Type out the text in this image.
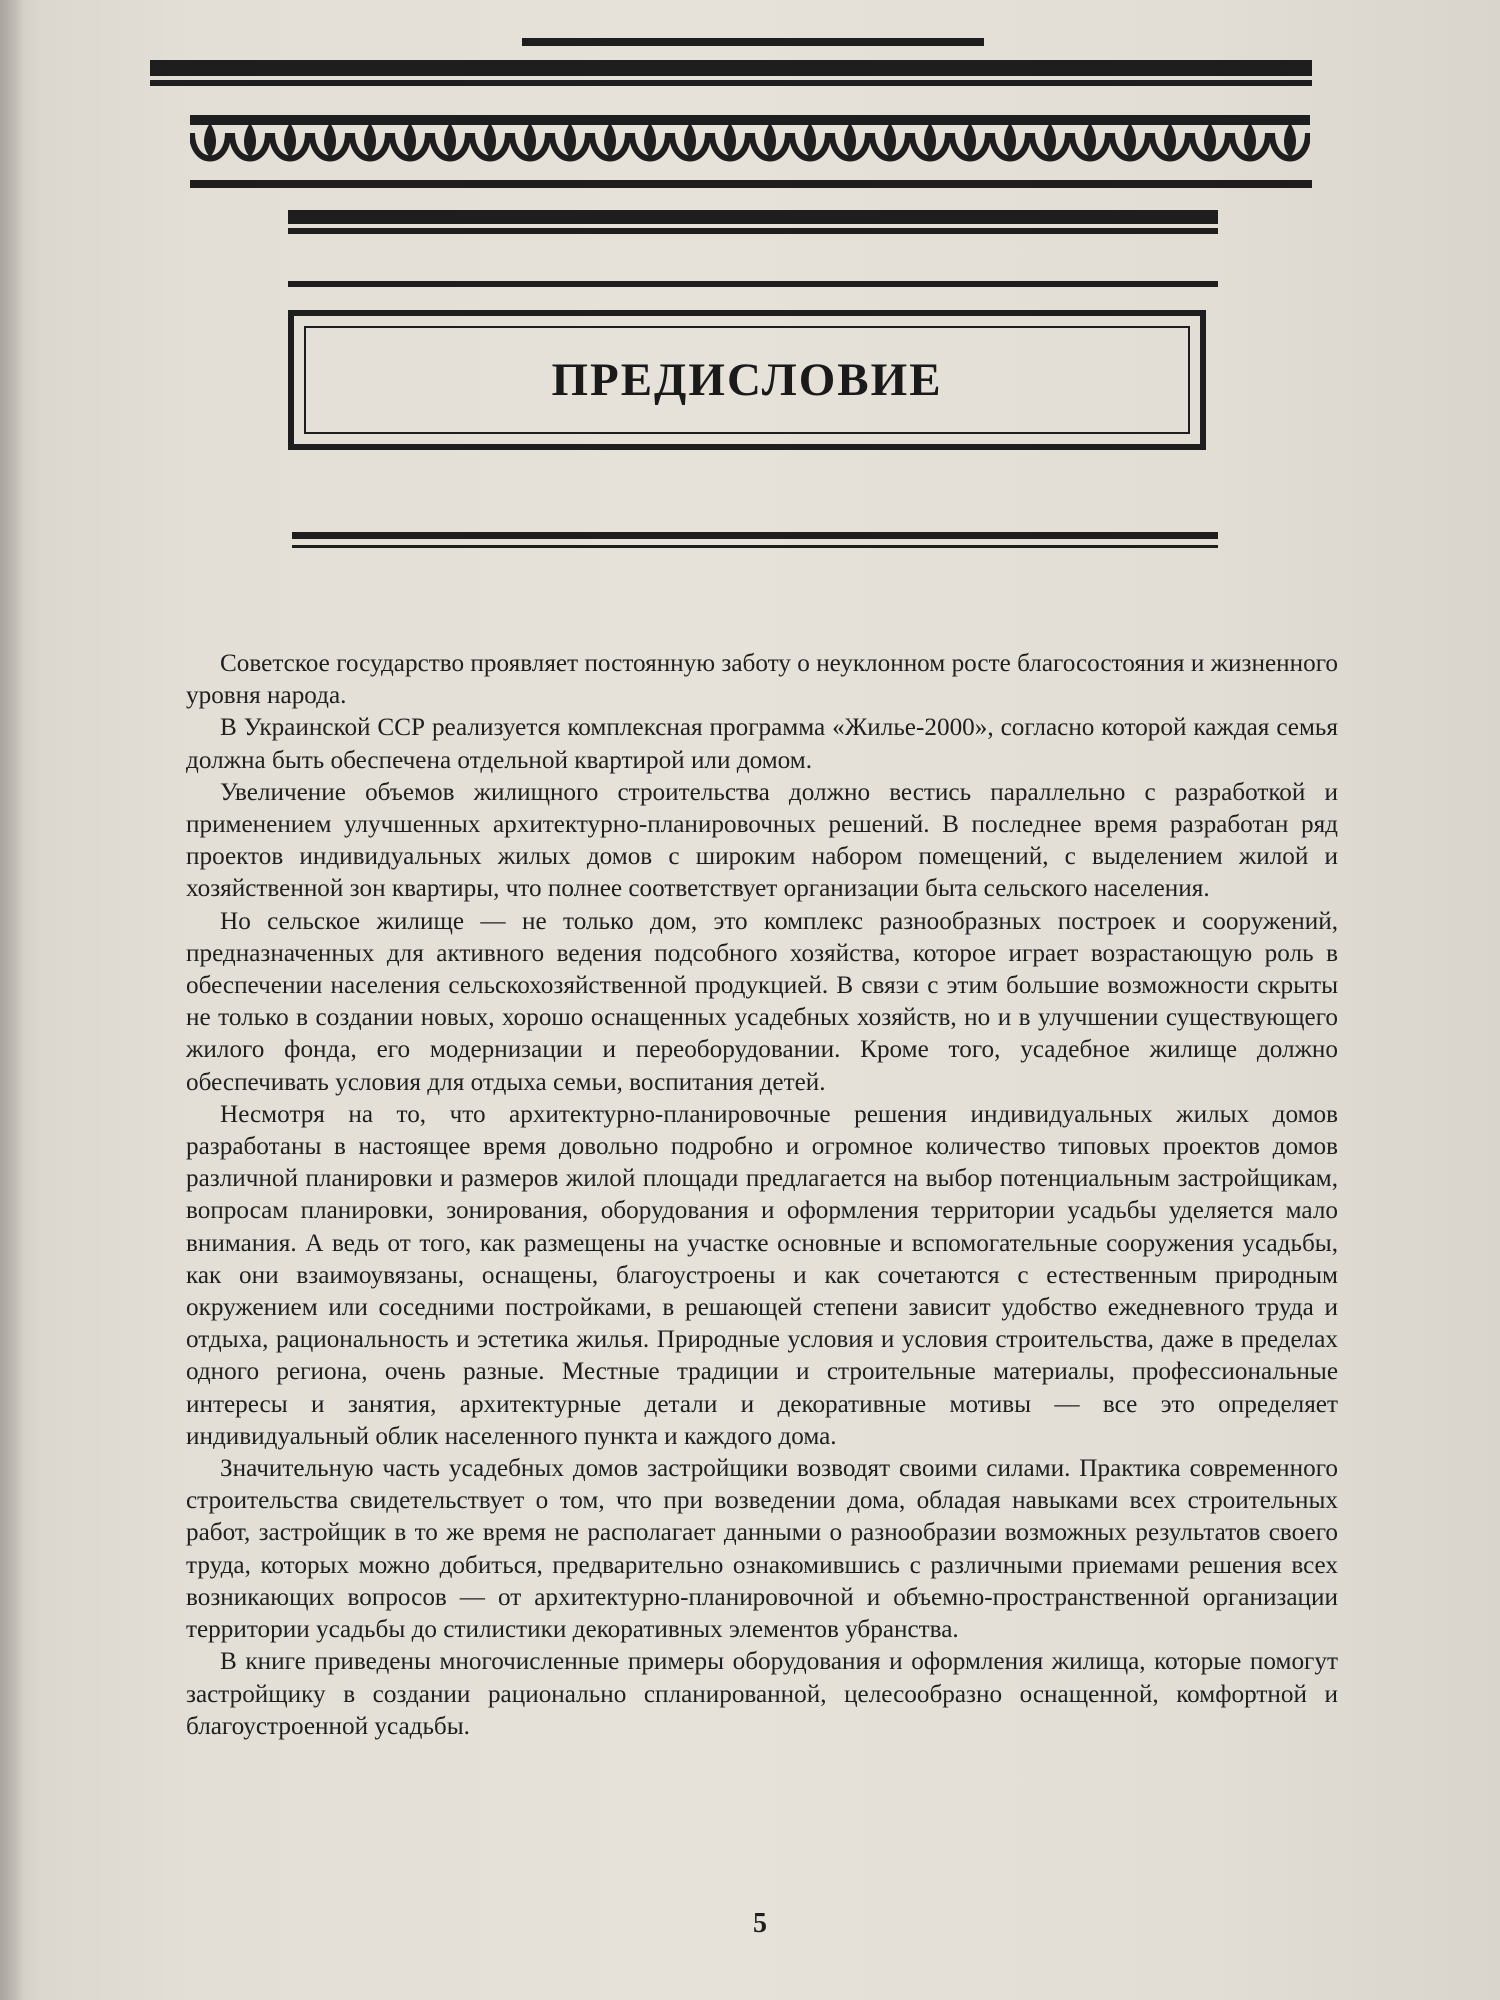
ПРЕДИСЛОВИЕ

Советское государство проявляет постоянную заботу о неуклонном росте благосостояния и жизненного уровня народа.

В Украинской ССР реализуется комплексная программа «Жилье-2000», согласно которой каждая семья должна быть обеспечена отдельной квартирой или домом.

Увеличение объемов жилищного строительства должно вестись параллельно с разработкой и применением улучшенных архитектурно-планировочных решений. В последнее время разработан ряд проектов индивидуальных жилых домов с широким набором помещений, с выделением жилой и хозяйственной зон квартиры, что полнее соответствует организации быта сельского населения.

Но сельское жилище — не только дом, это комплекс разнообразных построек и сооружений, предназначенных для активного ведения подсобного хозяйства, которое играет возрастающую роль в обеспечении населения сельскохозяйственной продукцией. В связи с этим большие возможности скрыты не только в создании новых, хорошо оснащенных усадебных хозяйств, но и в улучшении существующего жилого фонда, его модернизации и переоборудовании. Кроме того, усадебное жилище должно обеспечивать условия для отдыха семьи, воспитания детей.

Несмотря на то, что архитектурно-планировочные решения индивидуальных жилых домов разработаны в настоящее время довольно подробно и огромное количество типовых проектов домов различной планировки и размеров жилой площади предлагается на выбор потенциальным застройщикам, вопросам планировки, зонирования, оборудования и оформления территории усадьбы уделяется мало внимания. А ведь от того, как размещены на участке основные и вспомогательные сооружения усадьбы, как они взаимоувязаны, оснащены, благоустроены и как сочетаются с естественным природным окружением или соседними постройками, в решающей степени зависит удобство ежедневного труда и отдыха, рациональность и эстетика жилья. Природные условия и условия строительства, даже в пределах одного региона, очень разные. Местные традиции и строительные материалы, профессиональные интересы и занятия, архитектурные детали и декоративные мотивы — все это определяет индивидуальный облик населенного пункта и каждого дома.

Значительную часть усадебных домов застройщики возводят своими силами. Практика современного строительства свидетельствует о том, что при возведении дома, обладая навыками всех строительных работ, застройщик в то же время не располагает данными о разнообразии возможных результатов своего труда, которых можно добиться, предварительно ознакомившись с различными приемами решения всех возникающих вопросов — от архитектурно-планировочной и объемно-пространственной организации территории усадьбы до стилистики декоративных элементов убранства.

В книге приведены многочисленные примеры оборудования и оформления жилища, которые помогут застройщику в создании рационально спланированной, целесообразно оснащенной, комфортной и благоустроенной усадьбы.

5
